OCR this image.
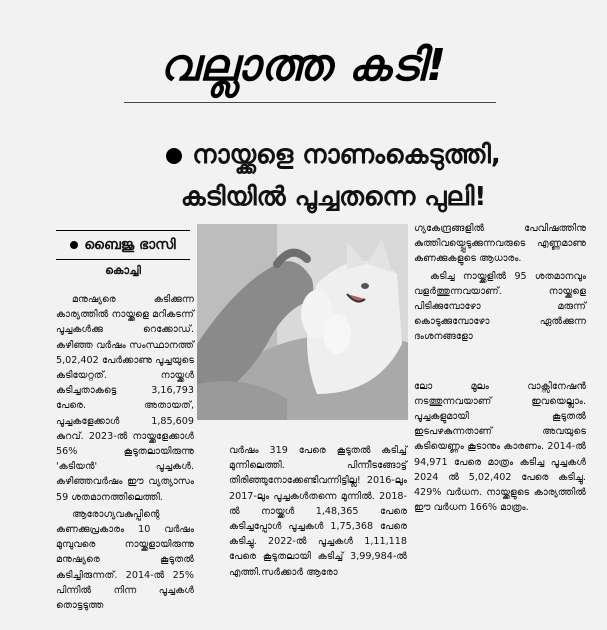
വല്ലാത്ത കടി!
നായ്ക്കളെ നാണംകെടുത്തി,
കടിയിൽ പൂച്ചതന്നെ പുലി!
ബൈജു ഭാസി
കൊച്ചി

മനുഷ്യരെ കടിക്കുന്ന കാര്യത്തിൽ നായ്ക്കളെ മറികടന്ന് പൂച്ചകൾക്കു റെക്കോഡ്. കഴിഞ്ഞ വർഷം സംസ്ഥാനത്ത് 5,02,402 പേർക്കാണു പൂച്ചയുടെ കടിയേറ്റത്. നായ്ക്കൾ കടിച്ചതാകട്ടെ 3,16,793 പേരെ. അതായത്, പൂച്ചകളേക്കാൾ 1,85,609 കുറവ്. 2023-ൽ നായ്ക്കളേക്കാൾ 56% കൂടുതലായിരുന്നു 'കടിയൻ' പൂച്ചകൾ. കഴിഞ്ഞവർഷം ഈ വ്യത്യാസം 59 ശതമാനത്തിലെത്തി.

ആരോഗ്യവകുപ്പിന്റെ കണക്കുപ്രകാരം 10 വർഷം മുമ്പുവരെ നായ്ക്കളായിരുന്നു മനുഷ്യരെ കൂടുതൽ കടിച്ചിരുന്നത്. 2014-ൽ 25% പിന്നിൽ നിന്ന പൂച്ചകൾ തൊട്ടടുത്ത

വർഷം 319 പേരെ കൂടുതൽ കടിച്ച് മുന്നിലെത്തി. പിന്നീടങ്ങോട്ട് തിരിഞ്ഞുനോക്കേണ്ടിവന്നിട്ടില്ല! 2016-ലും 2017-ലും പൂച്ചകൾതന്നെ മുന്നിൽ. 2018-ൽ നായ്ക്കൾ 1,48,365 പേരെ കടിച്ചപ്പോൾ പൂച്ചകൾ 1,75,368 പേരെ കടിച്ചു. 2022-ൽ പൂച്ചകൾ 1,11,118 പേരെ കൂടുതലായി കടിച്ച് 3,99,984-ൽ എത്തി.സർക്കാർ ആരോ

ഗ്യകേന്ദ്രങ്ങളിൽ പേവിഷത്തിനു കുത്തിവയ്പ്പെടുക്കുന്നവരുടെ എണ്ണമാണു കണക്കുകളുടെ ആധാരം.

കടിച്ച നായ്ക്കളിൽ 95 ശതമാനവും വളർത്തുന്നവയാണ്. നായ്ക്കളെ പിടിക്കുമ്പോഴോ മരുന്ന് കൊടുക്കുമ്പോഴോ ഏൽക്കുന്ന ദംശനങ്ങളോ

ലോ മൂലം വാക്സിനേഷൻ നടത്തുന്നവയാണ് ഇവയെല്ലാം. പൂച്ചകളുമായി കൂടുതൽ ഇടപഴകുന്നതാണ് അവയുടെ കടിയെണ്ണം കൂടാനും കാരണം. 2014-ൽ 94,971 പേരെ മാത്രം കടിച്ച പൂച്ചകൾ 2024 ൽ 5,02,402 പേരെ കടിച്ചു. 429% വർധന. നായ്ക്കളുടെ കാര്യത്തിൽ ഈ വർധന 166% മാത്രം.
